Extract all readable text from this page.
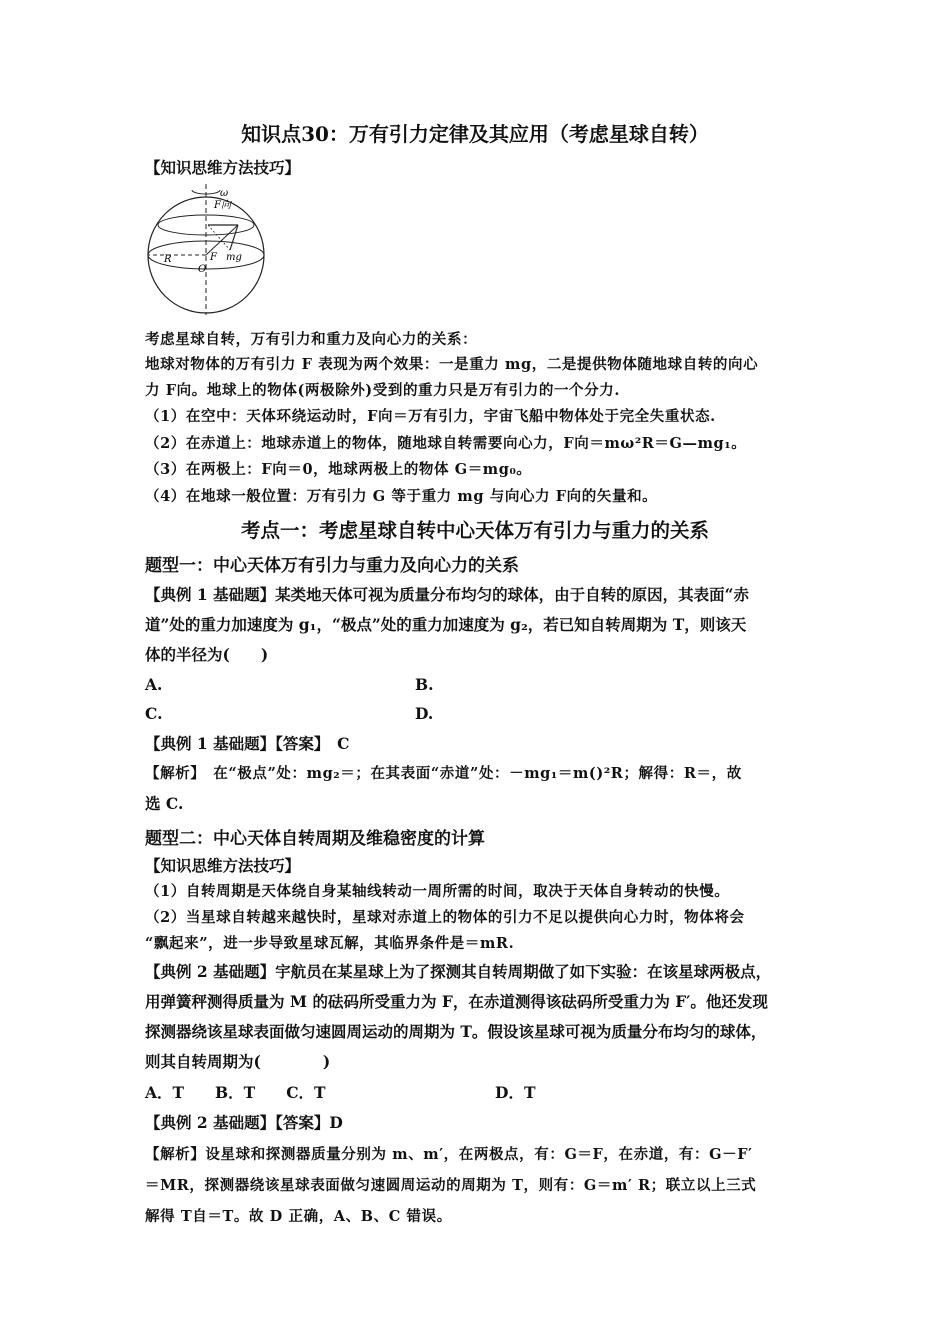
知识点30：万有引力定律及其应用（考虑星球自转）
【知识思维方法技巧】
ω
F向
F mg
R
O
考虑星球自转，万有引力和重力及向心力的关系：
地球对物体的万有引力 F 表现为两个效果：一是重力 mg，二是提供物体随地球自转的向心
力 F向。地球上的物体(两极除外)受到的重力只是万有引力的一个分力.
（1）在空中：天体环绕运动时，F向＝万有引力，宇宙飞船中物体处于完全失重状态.
（2）在赤道上：地球赤道上的物体，随地球自转需要向心力，F向＝mω²R＝G—mg₁。
（3）在两极上：F向＝0，地球两极上的物体 G＝mg₀。
（4）在地球一般位置：万有引力 G 等于重力 mg 与向心力 F向的矢量和。
考点一：考虑星球自转中心天体万有引力与重力的关系
题型一：中心天体万有引力与重力及向心力的关系
【典例 1 基础题】某类地天体可视为质量分布均匀的球体，由于自转的原因，其表面“赤
道”处的重力加速度为 g₁，“极点”处的重力加速度为 g₂，若已知自转周期为 T，则该天
体的半径为(　　)
A.	B.
C.	D.
【典例 1 基础题】【答案】　C
【解析】　在“极点”处：mg₂＝；在其表面“赤道”处：－mg₁＝m()²R；解得：R＝，故
选 C.
题型二：中心天体自转周期及维稳密度的计算
【知识思维方法技巧】
（1）自转周期是天体绕自身某轴线转动一周所需的时间，取决于天体自身转动的快慢。
（2）当星球自转越来越快时，星球对赤道上的物体的引力不足以提供向心力时，物体将会
“飘起来”，进一步导致星球瓦解，其临界条件是＝mR.
【典例 2 基础题】宇航员在某星球上为了探测其自转周期做了如下实验：在该星球两极点，
用弹簧秤测得质量为 M 的砝码所受重力为 F，在赤道测得该砝码所受重力为 F′。他还发现
探测器绕该星球表面做匀速圆周运动的周期为 T。假设该星球可视为质量分布均匀的球体，
则其自转周期为(　　　　)
A．T　　B．T　　C．T	D．T
【典例 2 基础题】【答案】D
【解析】设星球和探测器质量分别为 m、m′，在两极点，有：G＝F，在赤道，有：G－F′
＝MR，探测器绕该星球表面做匀速圆周运动的周期为 T，则有：G＝m′ R；联立以上三式
解得 T自＝T。故 D 正确，A、B、C 错误。
